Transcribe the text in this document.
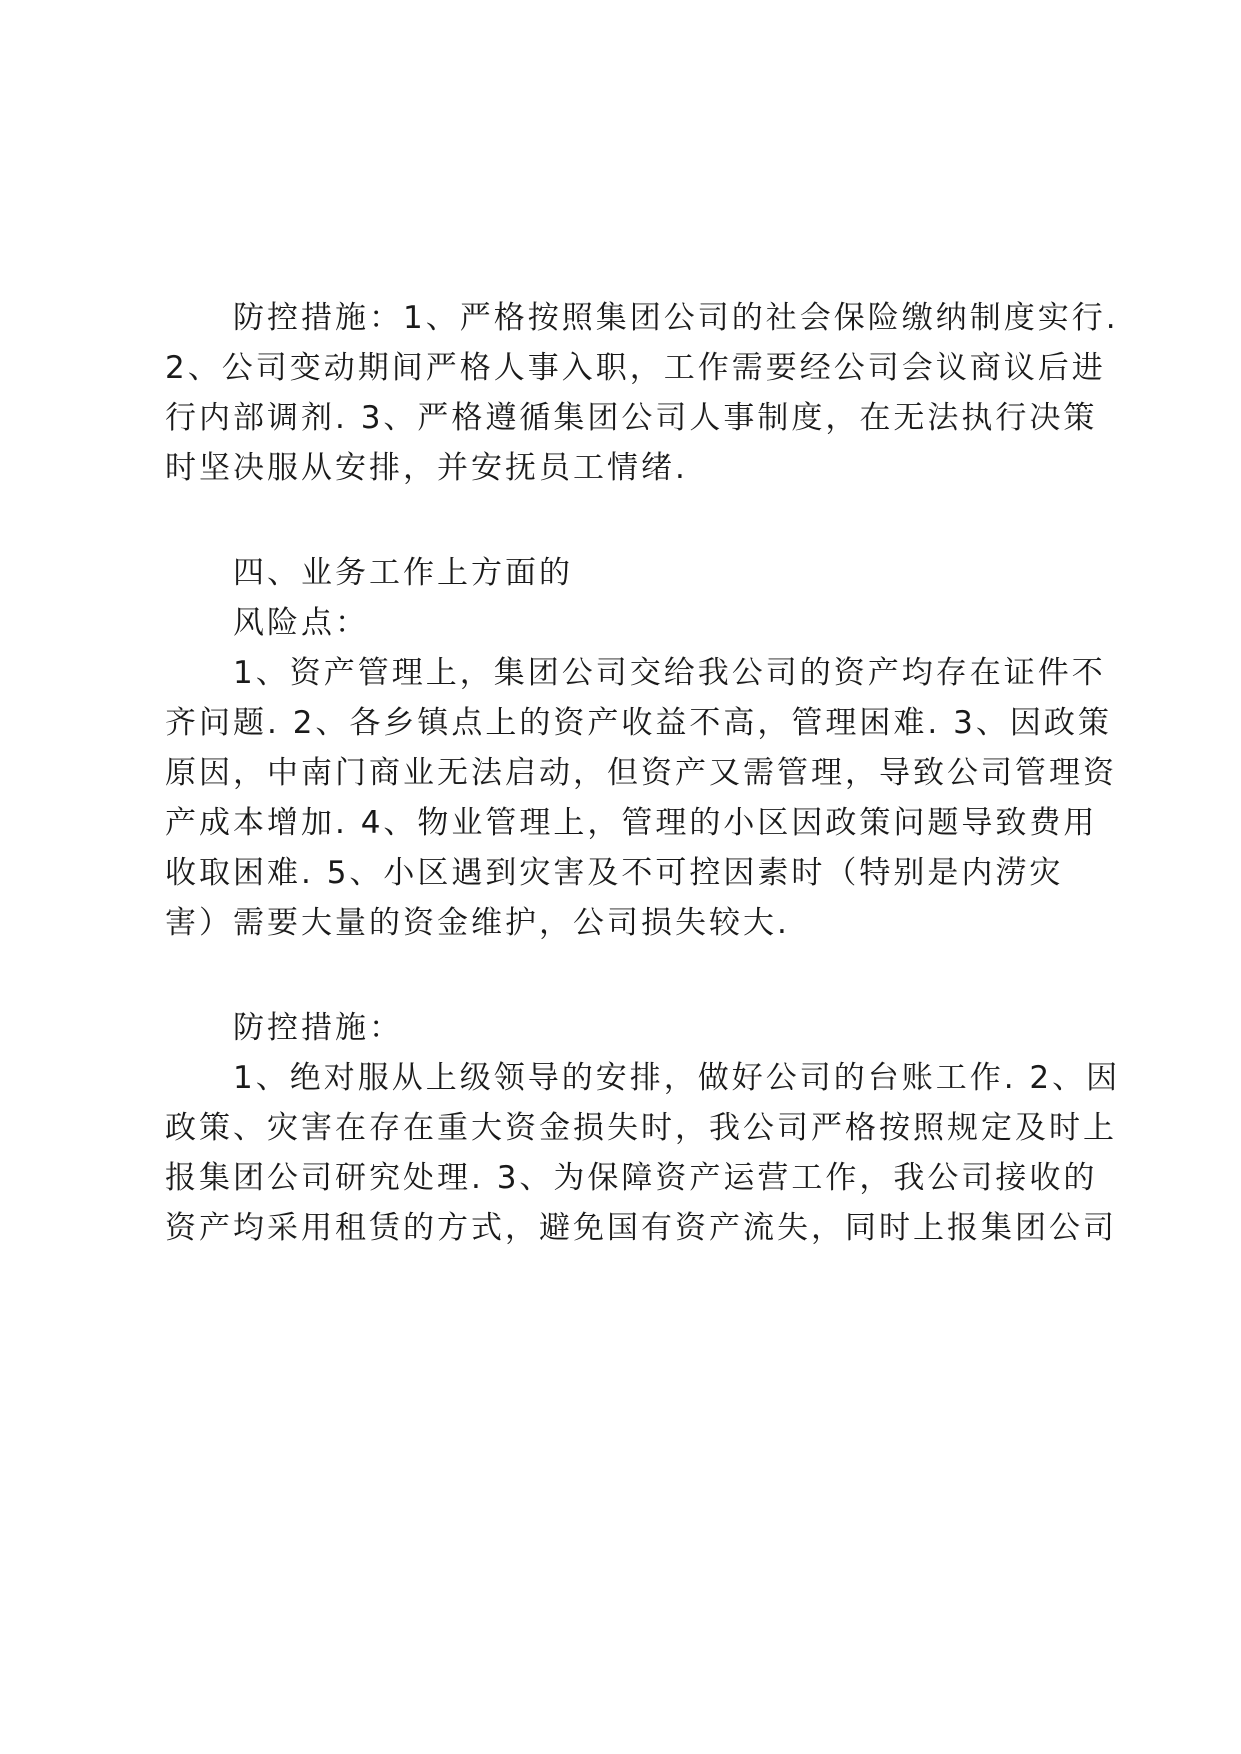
防控措施：1、严格按照集团公司的社会保险缴纳制度实行.

2、公司变动期间严格人事入职，工作需要经公司会议商议后进

行内部调剂. 3、严格遵循集团公司人事制度，在无法执行决策

时坚决服从安排，并安抚员工情绪.

四、业务工作上方面的

风险点：

1、资产管理上，集团公司交给我公司的资产均存在证件不

齐问题. 2、各乡镇点上的资产收益不高，管理困难. 3、因政策

原因，中南门商业无法启动，但资产又需管理，导致公司管理资

产成本增加. 4、物业管理上，管理的小区因政策问题导致费用

收取困难. 5、小区遇到灾害及不可控因素时（特别是内涝灾

害）需要大量的资金维护，公司损失较大.

防控措施：

1、绝对服从上级领导的安排，做好公司的台账工作. 2、因

政策、灾害在存在重大资金损失时，我公司严格按照规定及时上

报集团公司研究处理. 3、为保障资产运营工作，我公司接收的

资产均采用租赁的方式，避免国有资产流失，同时上报集团公司
